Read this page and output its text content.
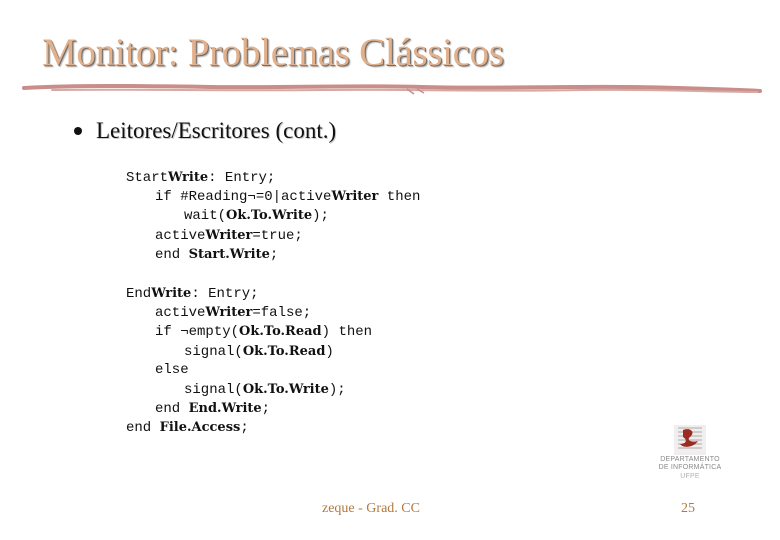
Monitor: Problemas Clássicos
Leitores/Escritores (cont.)
StartWrite: Entry;
if #Reading¬=0|activeWriter then
wait(Ok.To.Write);
activeWriter=true;
end Start.Write;
EndWrite: Entry;
activeWriter=false;
if ¬empty(Ok.To.Read) then
signal(Ok.To.Read)
else
signal(Ok.To.Write);
end End.Write;
end File.Access;
DEPARTAMENTO
DE INFORMÁTICA
UFPE
zeque - Grad. CC	25
